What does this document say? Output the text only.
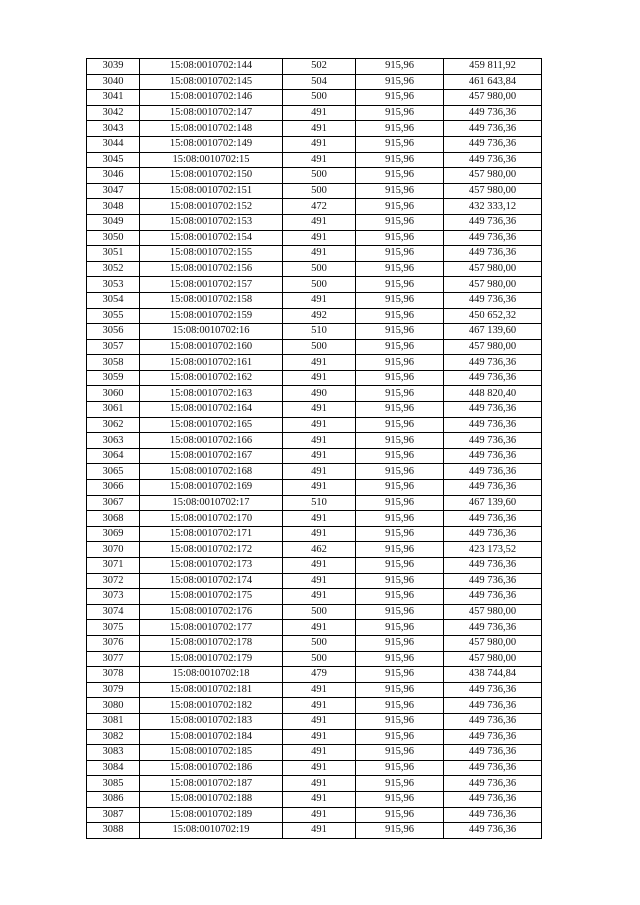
3039	15:08:0010702:144	502	915,96	459 811,92
3040	15:08:0010702:145	504	915,96	461 643,84
3041	15:08:0010702:146	500	915,96	457 980,00
3042	15:08:0010702:147	491	915,96	449 736,36
3043	15:08:0010702:148	491	915,96	449 736,36
3044	15:08:0010702:149	491	915,96	449 736,36
3045	15:08:0010702:15	491	915,96	449 736,36
3046	15:08:0010702:150	500	915,96	457 980,00
3047	15:08:0010702:151	500	915,96	457 980,00
3048	15:08:0010702:152	472	915,96	432 333,12
3049	15:08:0010702:153	491	915,96	449 736,36
3050	15:08:0010702:154	491	915,96	449 736,36
3051	15:08:0010702:155	491	915,96	449 736,36
3052	15:08:0010702:156	500	915,96	457 980,00
3053	15:08:0010702:157	500	915,96	457 980,00
3054	15:08:0010702:158	491	915,96	449 736,36
3055	15:08:0010702:159	492	915,96	450 652,32
3056	15:08:0010702:16	510	915,96	467 139,60
3057	15:08:0010702:160	500	915,96	457 980,00
3058	15:08:0010702:161	491	915,96	449 736,36
3059	15:08:0010702:162	491	915,96	449 736,36
3060	15:08:0010702:163	490	915,96	448 820,40
3061	15:08:0010702:164	491	915,96	449 736,36
3062	15:08:0010702:165	491	915,96	449 736,36
3063	15:08:0010702:166	491	915,96	449 736,36
3064	15:08:0010702:167	491	915,96	449 736,36
3065	15:08:0010702:168	491	915,96	449 736,36
3066	15:08:0010702:169	491	915,96	449 736,36
3067	15:08:0010702:17	510	915,96	467 139,60
3068	15:08:0010702:170	491	915,96	449 736,36
3069	15:08:0010702:171	491	915,96	449 736,36
3070	15:08:0010702:172	462	915,96	423 173,52
3071	15:08:0010702:173	491	915,96	449 736,36
3072	15:08:0010702:174	491	915,96	449 736,36
3073	15:08:0010702:175	491	915,96	449 736,36
3074	15:08:0010702:176	500	915,96	457 980,00
3075	15:08:0010702:177	491	915,96	449 736,36
3076	15:08:0010702:178	500	915,96	457 980,00
3077	15:08:0010702:179	500	915,96	457 980,00
3078	15:08:0010702:18	479	915,96	438 744,84
3079	15:08:0010702:181	491	915,96	449 736,36
3080	15:08:0010702:182	491	915,96	449 736,36
3081	15:08:0010702:183	491	915,96	449 736,36
3082	15:08:0010702:184	491	915,96	449 736,36
3083	15:08:0010702:185	491	915,96	449 736,36
3084	15:08:0010702:186	491	915,96	449 736,36
3085	15:08:0010702:187	491	915,96	449 736,36
3086	15:08:0010702:188	491	915,96	449 736,36
3087	15:08:0010702:189	491	915,96	449 736,36
3088	15:08:0010702:19	491	915,96	449 736,36
